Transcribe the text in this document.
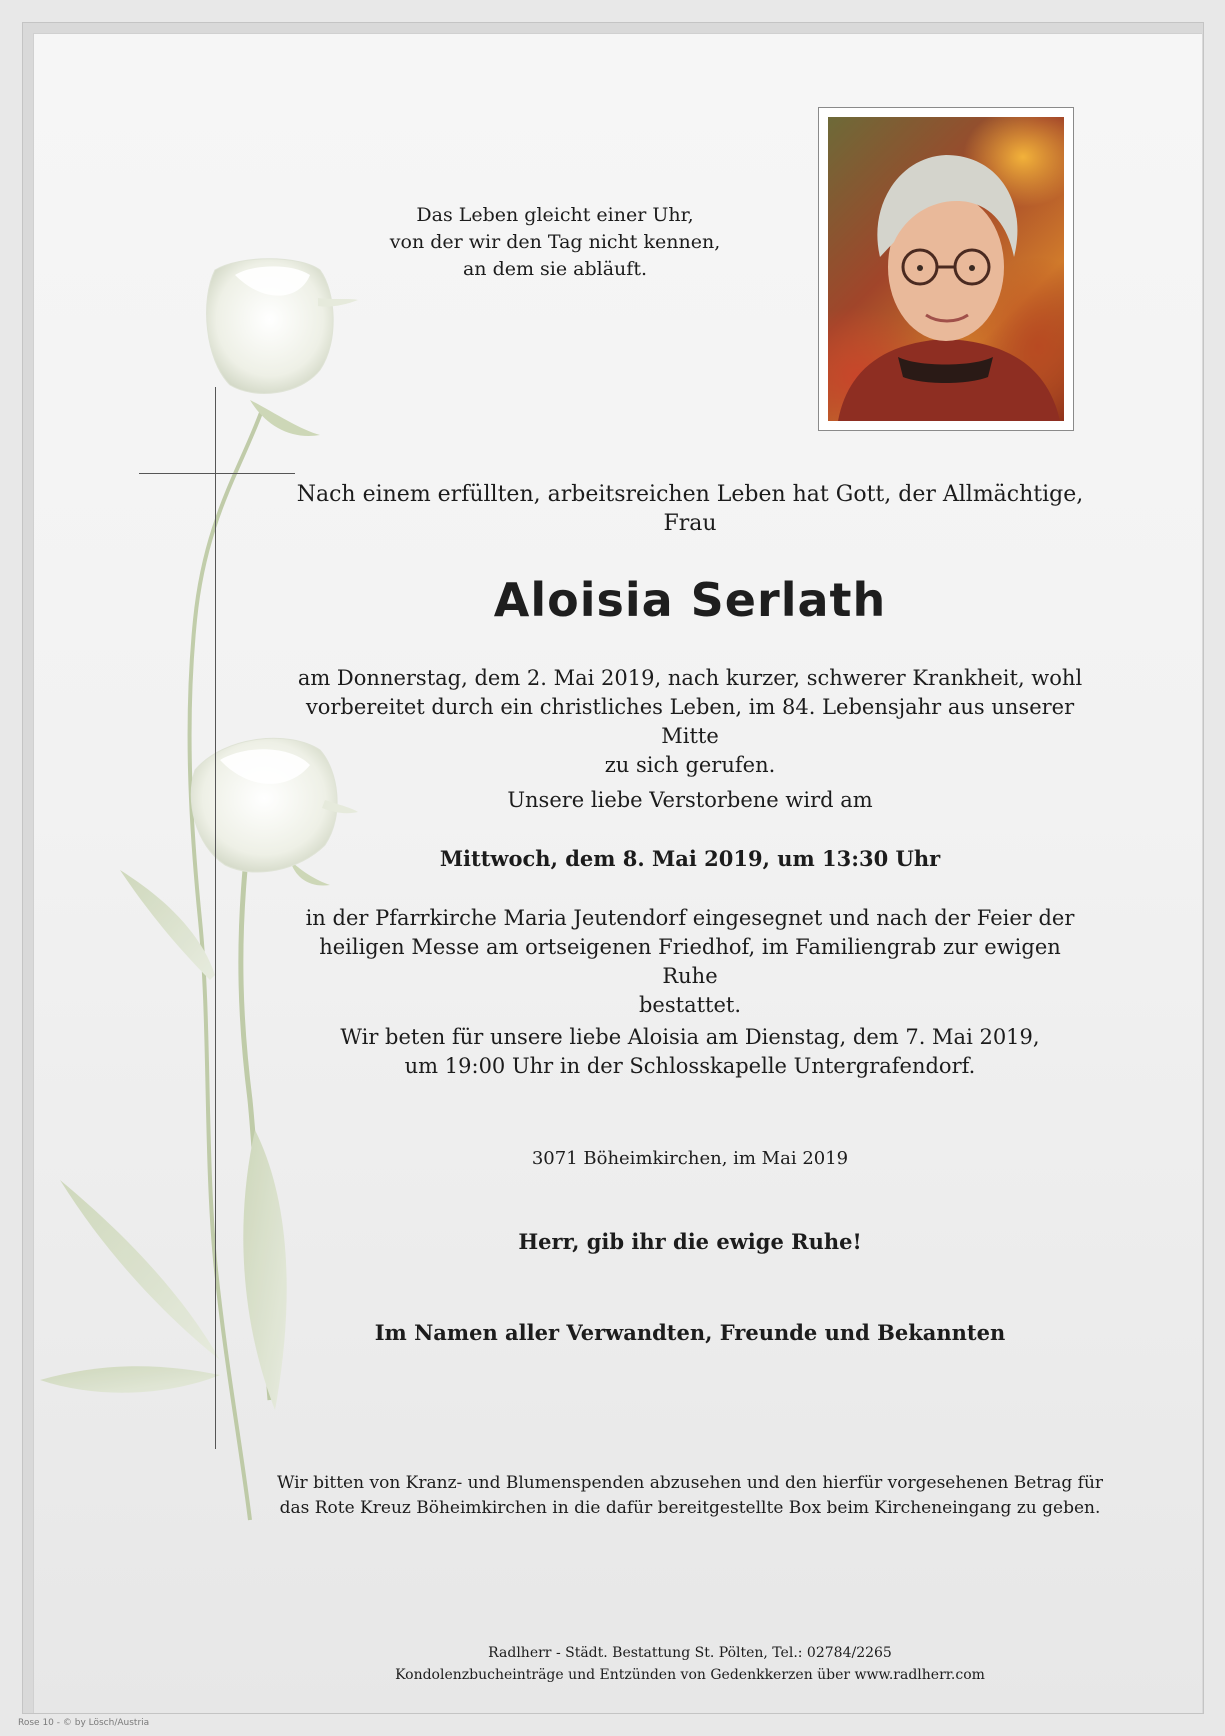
Das Leben gleicht einer Uhr,
von der wir den Tag nicht kennen,
an dem sie abläuft.
Nach einem erfüllten, arbeitsreichen Leben hat Gott, der Allmächtige,
Frau
Aloisia Serlath
am Donnerstag, dem 2. Mai 2019, nach kurzer, schwerer Krankheit, wohl
vorbereitet durch ein christliches Leben, im 84. Lebensjahr aus unserer Mitte
zu sich gerufen.
Unsere liebe Verstorbene wird am
Mittwoch, dem 8. Mai 2019, um 13:30 Uhr
in der Pfarrkirche Maria Jeutendorf eingesegnet und nach der Feier der
heiligen Messe am ortseigenen Friedhof, im Familiengrab zur ewigen Ruhe
bestattet.
Wir beten für unsere liebe Aloisia am Dienstag, dem 7. Mai 2019,
um 19:00 Uhr in der Schlosskapelle Untergrafendorf.
3071 Böheimkirchen, im Mai 2019
Herr, gib ihr die ewige Ruhe!
Im Namen aller Verwandten, Freunde und Bekannten
Wir bitten von Kranz- und Blumenspenden abzusehen und den hierfür vorgesehenen Betrag für
das Rote Kreuz Böheimkirchen in die dafür bereitgestellte Box beim Kircheneingang zu geben.
Radlherr - Städt. Bestattung St. Pölten, Tel.: 02784/2265
Kondolenzbucheinträge und Entzünden von Gedenkkerzen über www.radlherr.com
Rose 10 - © by Lösch/Austria
